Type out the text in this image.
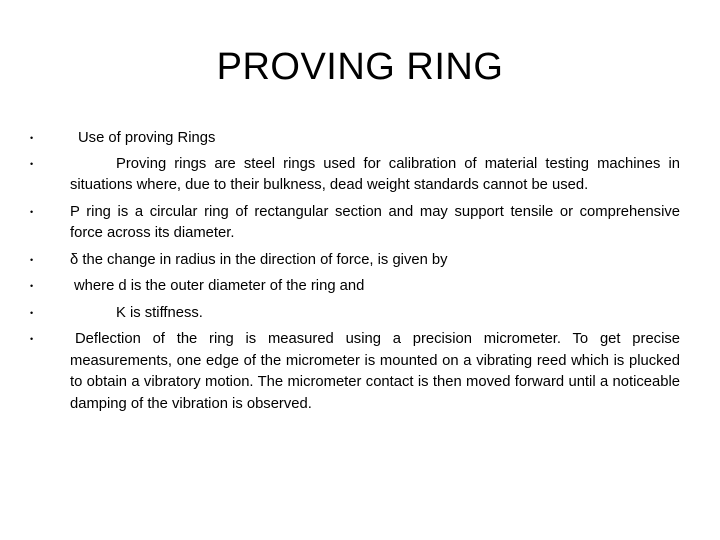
PROVING RING
•	Use of proving Rings
•	Proving rings are steel rings used for calibration of material testing machines in situations where, due to their bulkness, dead weight standards cannot be used.
• P ring is a circular ring of rectangular section and may support tensile or comprehensive force across its diameter.
• δ the change in radius in the direction of force, is given by
•	where d is the outer diameter of the ring and
•	K is stiffness.
•	Deflection of the ring is measured using a precision micrometer. To get precise measurements, one edge of the micrometer is mounted on a vibrating reed which is plucked to obtain a vibratory motion. The micrometer contact is then moved forward until a noticeable damping of the vibration is observed.
